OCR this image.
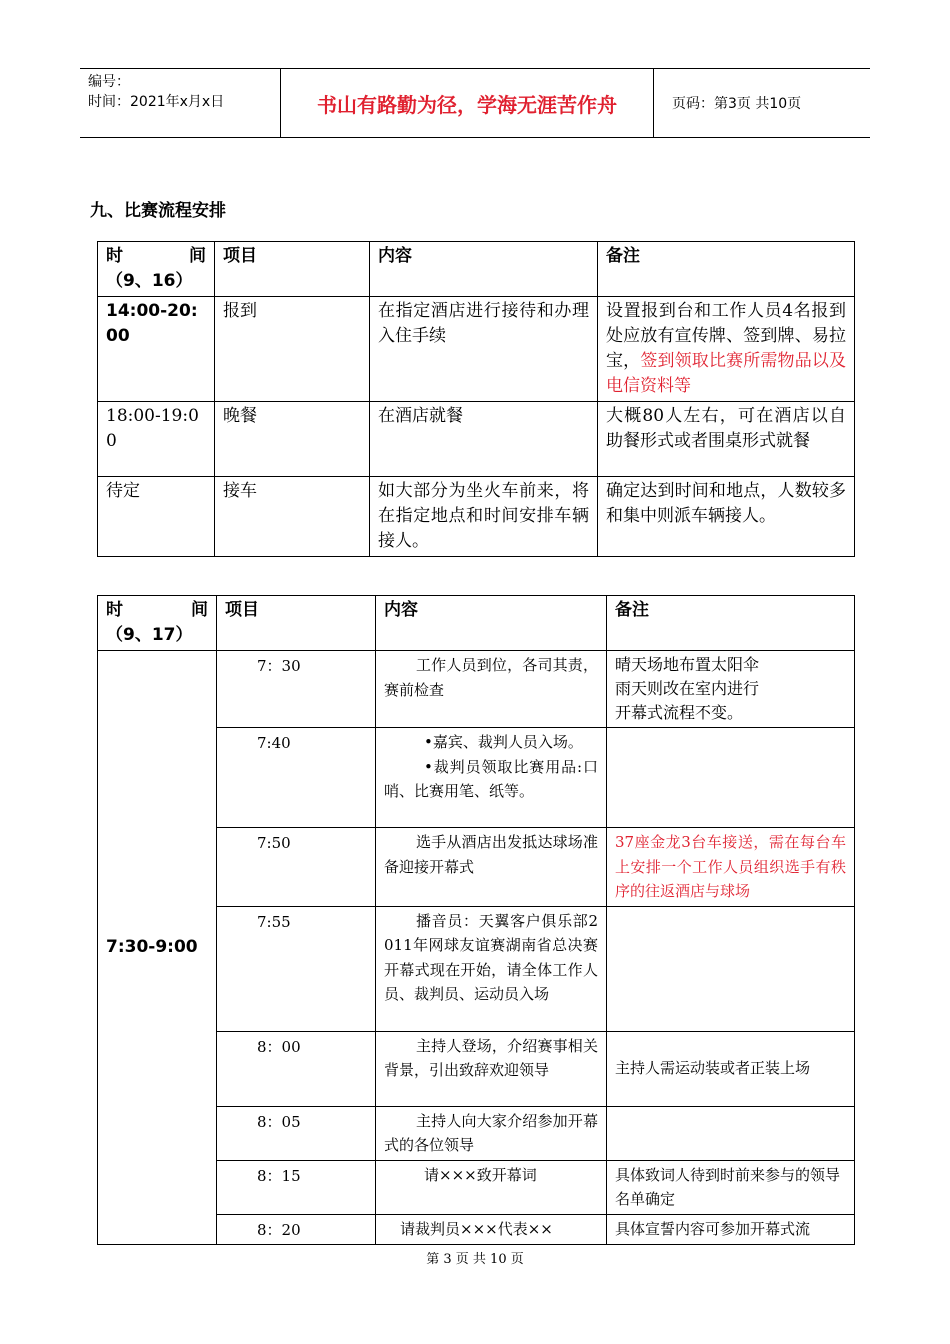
编号：
时间：2021年x月x日	书山有路勤为径，学海无涯苦作舟	页码：第3页 共10页
九、比赛流程安排
时 间
（9、16）	项目	内容	备注
14:00-20:00	报到	在指定酒店进行接待和办理入住手续	设置报到台和工作人员4名报到处应放有宣传牌、签到牌、易拉宝，签到领取比赛所需物品以及电信资料等
18:00-19:00	晚餐	在酒店就餐	大概80人左右，可在酒店以自助餐形式或者围桌形式就餐
待定	接车	如大部分为坐火车前来，将在指定地点和时间安排车辆接人。	确定达到时间和地点，人数较多和集中则派车辆接人。
时 间
（9、17）	项目	内容	备注
7:30-9:00	7：30	工作人员到位，各司其责，赛前检查	晴天场地布置太阳伞
雨天则改在室内进行
开幕式流程不变。

	7:40	•嘉宾、裁判人员入场。
•裁判员领取比赛用品:口哨、比赛用笔、纸等。	

	7:50	选手从酒店出发抵达球场准备迎接开幕式	37座金龙3台车接送，需在每台车上安排一个工作人员组织选手有秩序的往返酒店与球场
	7:55	播音员：天翼客户俱乐部2011年网球友谊赛湖南省总决赛开幕式现在开始，请全体工作人员、裁判员、运动员入场	
	8：00	主持人登场，介绍赛事相关背景，引出致辞欢迎领导	主持人需运动装或者正装上场
	8：05	主持人向大家介绍参加开幕式的各位领导	
	8：15	请×××致开幕词	具体致词人待到时前来参与的领导名单确定
	8：20	请裁判员×××代表××	具体宣誓内容可参加开幕式流
第 3 页 共 10 页
